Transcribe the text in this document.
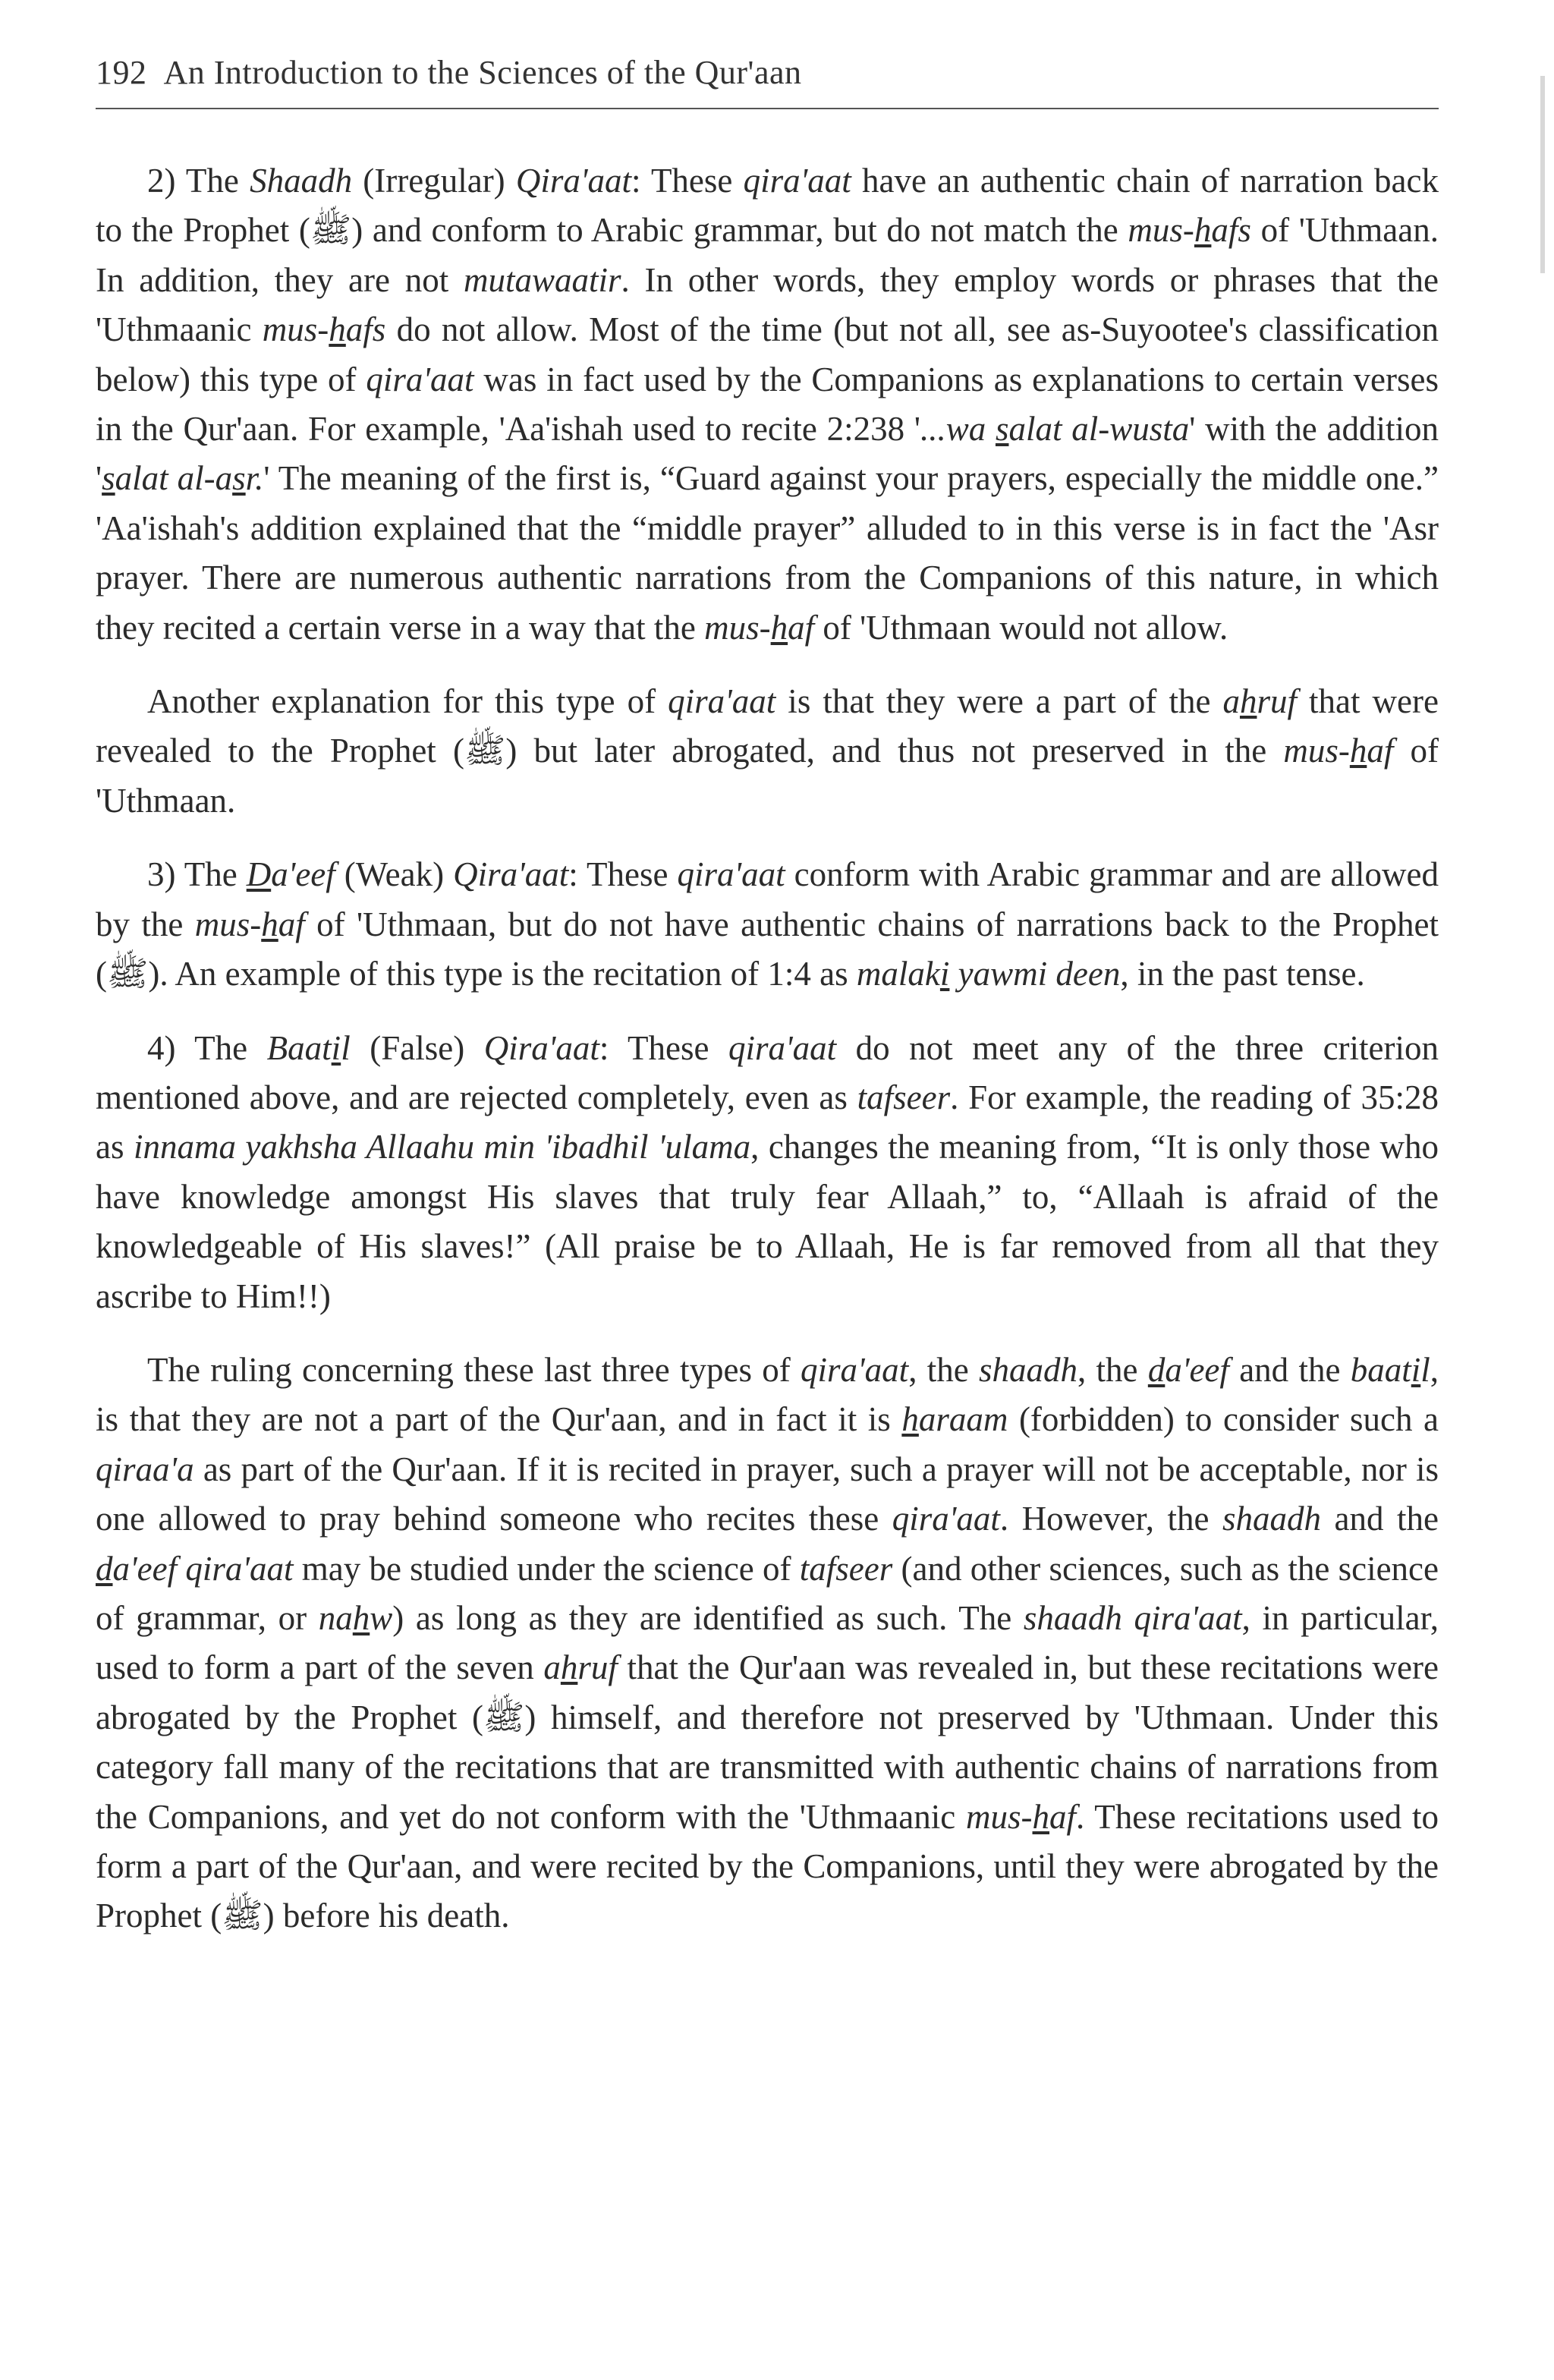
192 An Introduction to the Sciences of the Qur'aan

2) The Shaadh (Irregular) Qira'aat: These qira'aat have an authentic chain of narration back to the Prophet (ﷺ) and conform to Arabic grammar, but do not match the mus-hafs of 'Uthmaan. In addition, they are not mutawaatir. In other words, they employ words or phrases that the 'Uthmaanic mus-hafs do not allow. Most of the time (but not all, see as-Suyootee's classification below) this type of qira'aat was in fact used by the Companions as explanations to certain verses in the Qur'aan. For example, 'Aa'ishah used to recite 2:238 '...wa salat al-wusta' with the addition 'salat al-asr.' The meaning of the first is, “Guard against your prayers, especially the middle one.” 'Aa'ishah's addition explained that the “middle prayer” alluded to in this verse is in fact the 'Asr prayer. There are numerous authentic narrations from the Companions of this nature, in which they recited a certain verse in a way that the mus-haf of 'Uthmaan would not allow.

Another explanation for this type of qira'aat is that they were a part of the ahruf that were revealed to the Prophet (ﷺ) but later abrogated, and thus not preserved in the mus-haf of 'Uthmaan.

3) The Da'eef (Weak) Qira'aat: These qira'aat conform with Arabic grammar and are allowed by the mus-haf of 'Uthmaan, but do not have authentic chains of narrations back to the Prophet (ﷺ). An example of this type is the recitation of 1:4 as malaki yawmi deen, in the past tense.

4) The Baatil (False) Qira'aat: These qira'aat do not meet any of the three criterion mentioned above, and are rejected completely, even as tafseer. For example, the reading of 35:28 as innama yakhsha Allaahu min 'ibadhil 'ulama, changes the meaning from, “It is only those who have knowledge amongst His slaves that truly fear Allaah,” to, “Allaah is afraid of the knowledgeable of His slaves!” (All praise be to Allaah, He is far removed from all that they ascribe to Him!!)

The ruling concerning these last three types of qira'aat, the shaadh, the da'eef and the baatil, is that they are not a part of the Qur'aan, and in fact it is haraam (forbidden) to consider such a qiraa'a as part of the Qur'aan. If it is recited in prayer, such a prayer will not be acceptable, nor is one allowed to pray behind someone who recites these qira'aat. However, the shaadh and the da'eef qira'aat may be studied under the science of tafseer (and other sciences, such as the science of grammar, or nahw) as long as they are identified as such. The shaadh qira'aat, in particular, used to form a part of the seven ahruf that the Qur'aan was revealed in, but these recitations were abrogated by the Prophet (ﷺ) himself, and therefore not preserved by 'Uthmaan. Under this category fall many of the recitations that are transmitted with authentic chains of narrations from the Companions, and yet do not conform with the 'Uthmaanic mus-haf. These recitations used to form a part of the Qur'aan, and were recited by the Companions, until they were abrogated by the Prophet (ﷺ) before his death.
